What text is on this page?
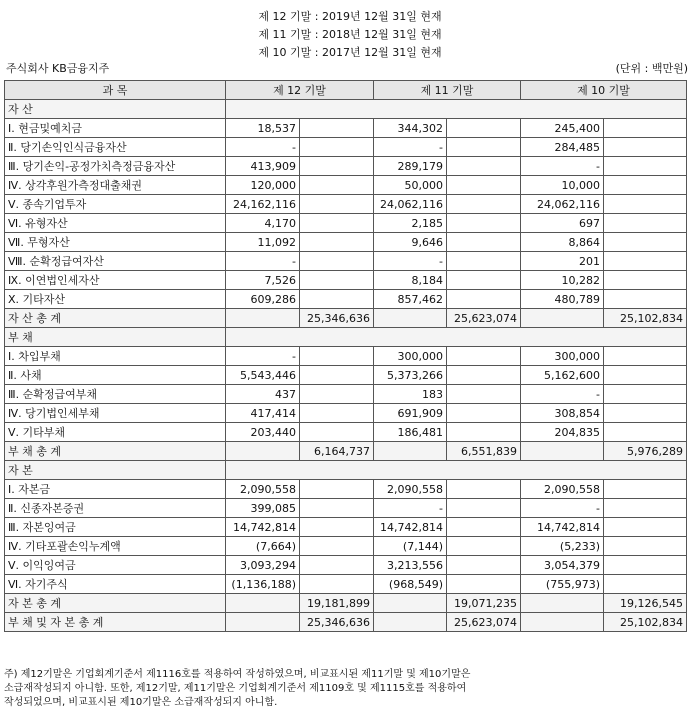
제 12 기말 : 2019년 12월 31일 현재
제 11 기말 : 2018년 12월 31일 현재
제 10 기말 : 2017년 12월 31일 현재
주식회사 KB금융지주	(단위 : 백만원)
과 목	제 12 기말		제 11 기말		제 10 기말	
자 산						
Ⅰ. 현금및예치금	18,537		344,302		245,400	
Ⅱ. 당기손익인식금융자산	-		-		284,485	
Ⅲ. 당기손익-공정가치측정금융자산	413,909		289,179		-	
Ⅳ. 상각후원가측정대출채권	120,000		50,000		10,000	
Ⅴ. 종속기업투자	24,162,116		24,062,116		24,062,116	
Ⅵ. 유형자산	4,170		2,185		697	
Ⅶ. 무형자산	11,092		9,646		8,864	
Ⅷ. 순확정급여자산	-		-		201	
Ⅸ. 이연법인세자산	7,526		8,184		10,282	
Ⅹ. 기타자산	609,286		857,462		480,789	
자 산 총 계		25,346,636		25,623,074		25,102,834
부 채						
Ⅰ. 차입부채	-		300,000		300,000	
Ⅱ. 사채	5,543,446		5,373,266		5,162,600	
Ⅲ. 순확정급여부채	437		183		-	
Ⅳ. 당기법인세부채	417,414		691,909		308,854	
Ⅴ. 기타부채	203,440		186,481		204,835	
부 채 총 계		6,164,737		6,551,839		5,976,289
자 본						
Ⅰ. 자본금	2,090,558		2,090,558		2,090,558	
Ⅱ. 신종자본증권	399,085		-		-	
Ⅲ. 자본잉여금	14,742,814		14,742,814		14,742,814	
Ⅳ. 기타포괄손익누계액	(7,664)		(7,144)		(5,233)	
Ⅴ. 이익잉여금	3,093,294		3,213,556		3,054,379	
Ⅵ. 자기주식	(1,136,188)		(968,549)		(755,973)	
자 본 총 계		19,181,899		19,071,235		19,126,545
부 채 및 자 본 총 계		25,346,636		25,623,074		25,102,834
주) 제12기말은 기업회계기준서 제1116호를 적용하여 작성하였으며, 비교표시된 제11기말 및 제10기말은
소급재작성되지 아니함. 또한, 제12기말, 제11기말은 기업회계기준서 제1109호 및 제1115호를 적용하여
작성되었으며, 비교표시된 제10기말은 소급재작성되지 아니함.
